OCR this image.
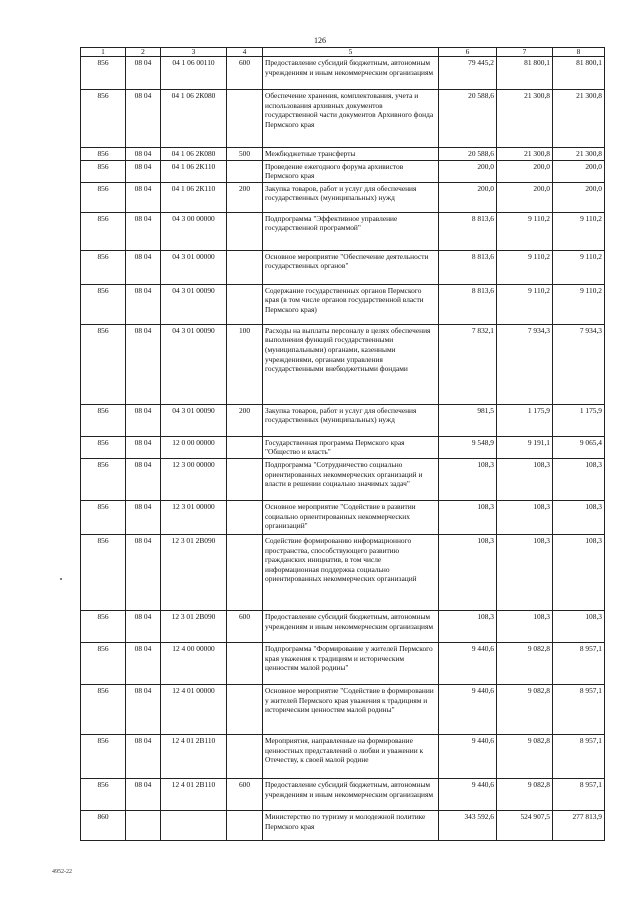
126
1	2	3	4	5	6	7	8
856	08 04	04 1 06 00110	600	Предоставление субсидий бюджетным, автономным учреждениям и иным некоммерческим организациям	79 445,2	81 800,1	81 800,1
856	08 04	04 1 06 2К080		Обеспечение хранения, комплектования, учета и использования архивных документов государственной части документов Архивного фонда Пермского края	20 588,6	21 300,8	21 300,8
856	08 04	04 1 06 2К080	500	Межбюджетные трансферты	20 588,6	21 300,8	21 300,8
856	08 04	04 1 06 2К110		Проведение ежегодного форума архивистов Пермского края	200,0	200,0	200,0
856	08 04	04 1 06 2К110	200	Закупка товаров, работ и услуг для обеспечения государственных (муниципальных) нужд	200,0	200,0	200,0
856	08 04	04 3 00 00000		Подпрограмма "Эффективное управление государственной программой"	8 813,6	9 110,2	9 110,2
856	08 04	04 3 01 00000		Основное мероприятие "Обеспечение деятельности государственных органов"	8 813,6	9 110,2	9 110,2
856	08 04	04 3 01 00090		Содержание государственных органов Пермского края (в том числе органов государственной власти Пермского края)	8 813,6	9 110,2	9 110,2
856	08 04	04 3 01 00090	100	Расходы на выплаты персоналу в целях обеспечения выполнения функций государственными (муниципальными) органами, казенными учреждениями, органами управления государственными внебюджетными фондами	7 832,1	7 934,3	7 934,3
856	08 04	04 3 01 00090	200	Закупка товаров, работ и услуг для обеспечения государственных (муниципальных) нужд	981,5	1 175,9	1 175,9
856	08 04	12 0 00 00000		Государственная программа Пермского края "Общество и власть"	9 548,9	9 191,1	9 065,4
856	08 04	12 3 00 00000		Подпрограмма "Сотрудничество социально ориентированных некоммерческих организаций и власти в решении социально значимых задач"	108,3	108,3	108,3
856	08 04	12 3 01 00000		Основное мероприятие "Содействие в развитии социально ориентированных некоммерческих организаций"	108,3	108,3	108,3
856	08 04	12 3 01 2В090		Содействие формированию информационного пространства, способствующего развитию гражданских инициатив, в том числе информационная поддержка социально ориентированных некоммерческих организаций	108,3	108,3	108,3
856	08 04	12 3 01 2В090	600	Предоставление субсидий бюджетным, автономным учреждениям и иным некоммерческим организациям	108,3	108,3	108,3
856	08 04	12 4 00 00000		Подпрограмма "Формирование у жителей Пермского края уважения к традициям и историческим ценностям малой родины"	9 440,6	9 082,8	8 957,1
856	08 04	12 4 01 00000		Основное мероприятие "Содействие в формировании у жителей Пермского края уважения к традициям и историческим ценностям малой родины"	9 440,6	9 082,8	8 957,1
856	08 04	12 4 01 2В110		Мероприятия, направленные на формирование ценностных представлений о любви и уважении к Отечеству, к своей малой родине	9 440,6	9 082,8	8 957,1
856	08 04	12 4 01 2В110	600	Предоставление субсидий бюджетным, автономным учреждениям и иным некоммерческим организациям	9 440,6	9 082,8	8 957,1
860				Министерство по туризму и молодежной политике Пермского края	343 592,6	524 907,5	277 813,9
4952-22
